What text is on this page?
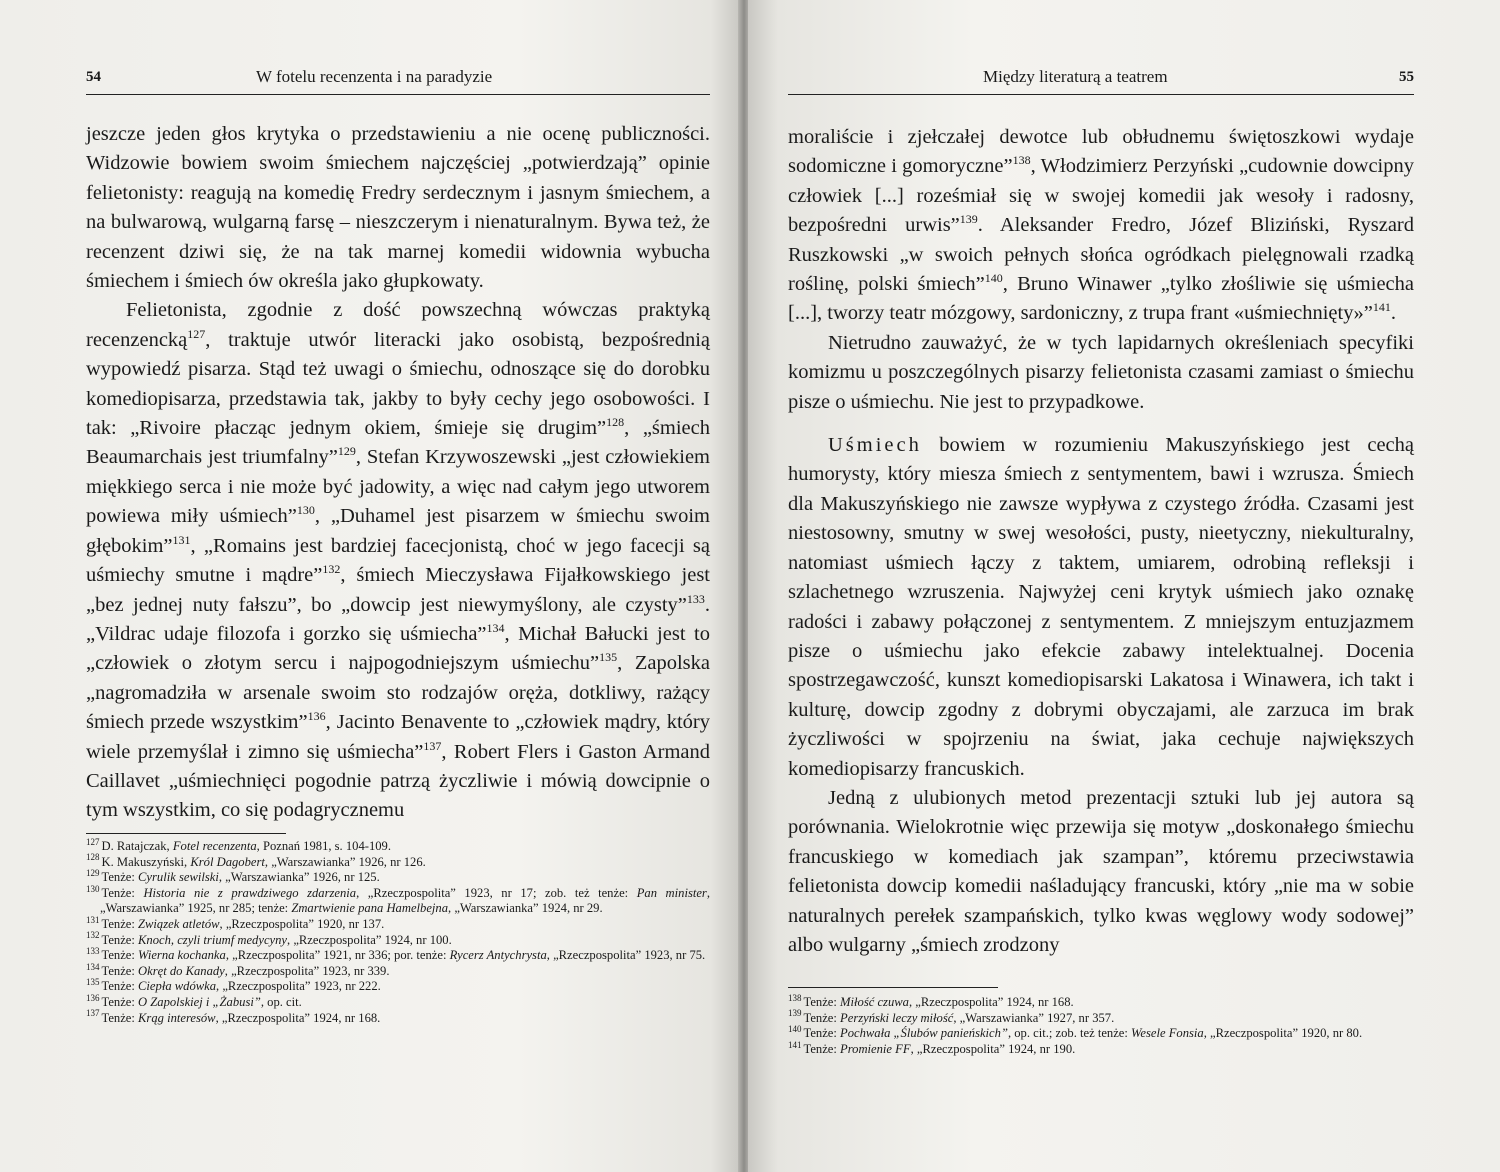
54	W fotelu recenzenta i na paradyzie

jeszcze jeden głos krytyka o przedstawieniu a nie ocenę publiczności. Widzowie bowiem swoim śmiechem najczęściej „potwierdzają” opinie felietonisty: reagują na komedię Fredry serdecznym i jasnym śmiechem, a na bulwarową, wulgarną farsę – nieszczerym i nienaturalnym. Bywa też, że recenzent dziwi się, że na tak marnej komedii widownia wybucha śmiechem i śmiech ów określa jako głupkowaty.

Felietonista, zgodnie z dość powszechną wówczas praktyką recenzencką$^{127}$, traktuje utwór literacki jako osobistą, bezpośrednią wypowiedź pisarza. Stąd też uwagi o śmiechu, odnoszące się do dorobku komediopisarza, przedstawia tak, jakby to były cechy jego osobowości. I tak: „Rivoire płacząc jednym okiem, śmieje się drugim”$^{128}$, „śmiech Beaumarchais jest triumfalny”$^{129}$, Stefan Krzywoszewski „jest człowiekiem miękkiego serca i nie może być jadowity, a więc nad całym jego utworem powiewa miły uśmiech”$^{130}$, „Duhamel jest pisarzem w śmiechu swoim głębokim”$^{131}$, „Romains jest bardziej facecjonistą, choć w jego facecji są uśmiechy smutne i mądre”$^{132}$, śmiech Mieczysława Fijałkowskiego jest „bez jednej nuty fałszu”, bo „dowcip jest niewymyślony, ale czysty”$^{133}$. „Vildrac udaje filozofa i gorzko się uśmiecha”$^{134}$, Michał Bałucki jest to „człowiek o złotym sercu i najpogodniejszym uśmiechu”$^{135}$, Zapolska „nagromadziła w arsenale swoim sto rodzajów oręża, dotkliwy, rażący śmiech przede wszystkim”$^{136}$, Jacinto Benavente to „człowiek mądry, który wiele przemyślał i zimno się uśmiecha”$^{137}$, Robert Flers i Gaston Armand Caillavet „uśmiechnięci pogodnie patrzą życzliwie i mówią dowcipnie o tym wszystkim, co się podagrycznemu

$^{127}$ D. Ratajczak, Fotel recenzenta, Poznań 1981, s. 104-109.

$^{128}$ K. Makuszyński, Król Dagobert, „Warszawianka” 1926, nr 126.

$^{129}$ Tenże: Cyrulik sewilski, „Warszawianka” 1926, nr 125.

$^{130}$ Tenże: Historia nie z prawdziwego zdarzenia, „Rzeczpospolita” 1923, nr 17; zob. też tenże: Pan minister, „Warszawianka” 1925, nr 285; tenże: Zmartwienie pana Hamelbejna, „Warszawianka” 1924, nr 29.

$^{131}$ Tenże: Związek atletów, „Rzeczpospolita” 1920, nr 137.

$^{132}$ Tenże: Knoch, czyli triumf medycyny, „Rzeczpospolita” 1924, nr 100.

$^{133}$ Tenże: Wierna kochanka, „Rzeczpospolita” 1921, nr 336; por. tenże: Rycerz Antychrysta, „Rzeczpospolita” 1923, nr 75.

$^{134}$ Tenże: Okręt do Kanady, „Rzeczpospolita” 1923, nr 339.

$^{135}$ Tenże: Ciepła wdówka, „Rzeczpospolita” 1923, nr 222.

$^{136}$ Tenże: O Zapolskiej i „Żabusi”, op. cit.

$^{137}$ Tenże: Krąg interesów, „Rzeczpospolita” 1924, nr 168.

Między literaturą a teatrem	55

moraliście i zjełczałej dewotce lub obłudnemu świętoszkowi wydaje sodomiczne i gomoryczne”$^{138}$, Włodzimierz Perzyński „cudownie dowcipny człowiek [...] roześmiał się w swojej komedii jak wesoły i radosny, bezpośredni urwis”$^{139}$. Aleksander Fredro, Józef Bliziński, Ryszard Ruszkowski „w swoich pełnych słońca ogródkach pielęgnowali rzadką roślinę, polski śmiech”$^{140}$, Bruno Winawer „tylko złośliwie się uśmiecha [...], tworzy teatr mózgowy, sardoniczny, z trupa frant «uśmiechnięty»”$^{141}$.

Nietrudno zauważyć, że w tych lapidarnych określeniach specyfiki komizmu u poszczególnych pisarzy felietonista czasami zamiast o śmiechu pisze o uśmiechu. Nie jest to przypadkowe.

Uśmiech bowiem w rozumieniu Makuszyńskiego jest cechą humorysty, który miesza śmiech z sentymentem, bawi i wzrusza. Śmiech dla Makuszyńskiego nie zawsze wypływa z czystego źródła. Czasami jest niestosowny, smutny w swej wesołości, pusty, nieetyczny, niekulturalny, natomiast uśmiech łączy z taktem, umiarem, odrobiną refleksji i szlachetnego wzruszenia. Najwyżej ceni krytyk uśmiech jako oznakę radości i zabawy połączonej z sentymentem. Z mniejszym entuzjazmem pisze o uśmiechu jako efekcie zabawy intelektualnej. Docenia spostrzegawczość, kunszt komediopisarski Lakatosa i Winawera, ich takt i kulturę, dowcip zgodny z dobrymi obyczajami, ale zarzuca im brak życzliwości w spojrzeniu na świat, jaka cechuje największych komediopisarzy francuskich.

Jedną z ulubionych metod prezentacji sztuki lub jej autora są porównania. Wielokrotnie więc przewija się motyw „doskonałego śmiechu francuskiego w komediach jak szampan”, któremu przeciwstawia felietonista dowcip komedii naśladujący francuski, który „nie ma w sobie naturalnych perełek szampańskich, tylko kwas węglowy wody sodowej” albo wulgarny „śmiech zrodzony

$^{138}$ Tenże: Miłość czuwa, „Rzeczpospolita” 1924, nr 168.

$^{139}$ Tenże: Perzyński leczy miłość, „Warszawianka” 1927, nr 357.

$^{140}$ Tenże: Pochwała „Ślubów panieńskich”, op. cit.; zob. też tenże: Wesele Fonsia, „Rzeczpospolita” 1920, nr 80.

$^{141}$ Tenże: Promienie FF, „Rzeczpospolita” 1924, nr 190.
